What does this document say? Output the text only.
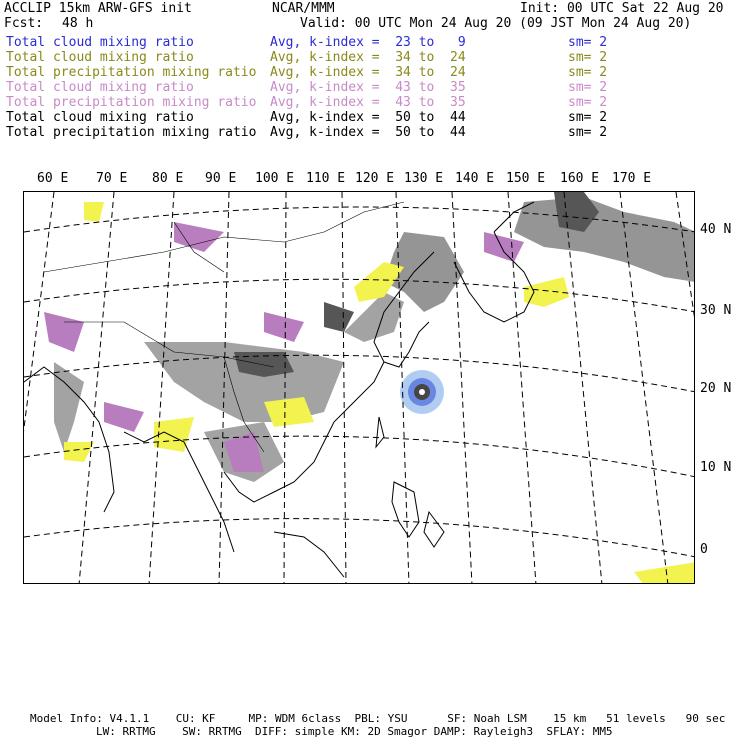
ACCLIP 15km ARW-GFS init	NCAR/MMM	Init: 00 UTC Sat 22 Aug 20
Fcst: 48 h	Valid: 00 UTC Mon 24 Aug 20 (09 JST Mon 24 Aug 20)
Total cloud mixing ratio	Avg, k-index =  23 to   9	sm= 2
Total cloud mixing ratio	Avg, k-index =  34 to  24	sm= 2
Total precipitation mixing ratio Avg, k-index =  34 to  24	sm= 2
Total cloud mixing ratio	Avg, k-index =  43 to  35	sm= 2
Total precipitation mixing ratio Avg, k-index =  43 to  35	sm= 2
Total cloud mixing ratio	Avg, k-index =  50 to  44	sm= 2
Total precipitation mixing ratio Avg, k-index =  50 to  44	sm= 2
60 E 70 E 80 E 90 E 100 E 110 E 120 E 130 E 140 E 150 E 160 E 170 E
40 N
30 N
20 N
10 N
0
Model Info: V4.1.1    CU: KF     MP: WDM 6class  PBL: YSU      SF: Noah LSM    15 km   51 levels   90 sec
LW: RRTMG    SW: RRTMG  DIFF: simple KM: 2D Smagor DAMP: Rayleigh3  SFLAY: MM5
